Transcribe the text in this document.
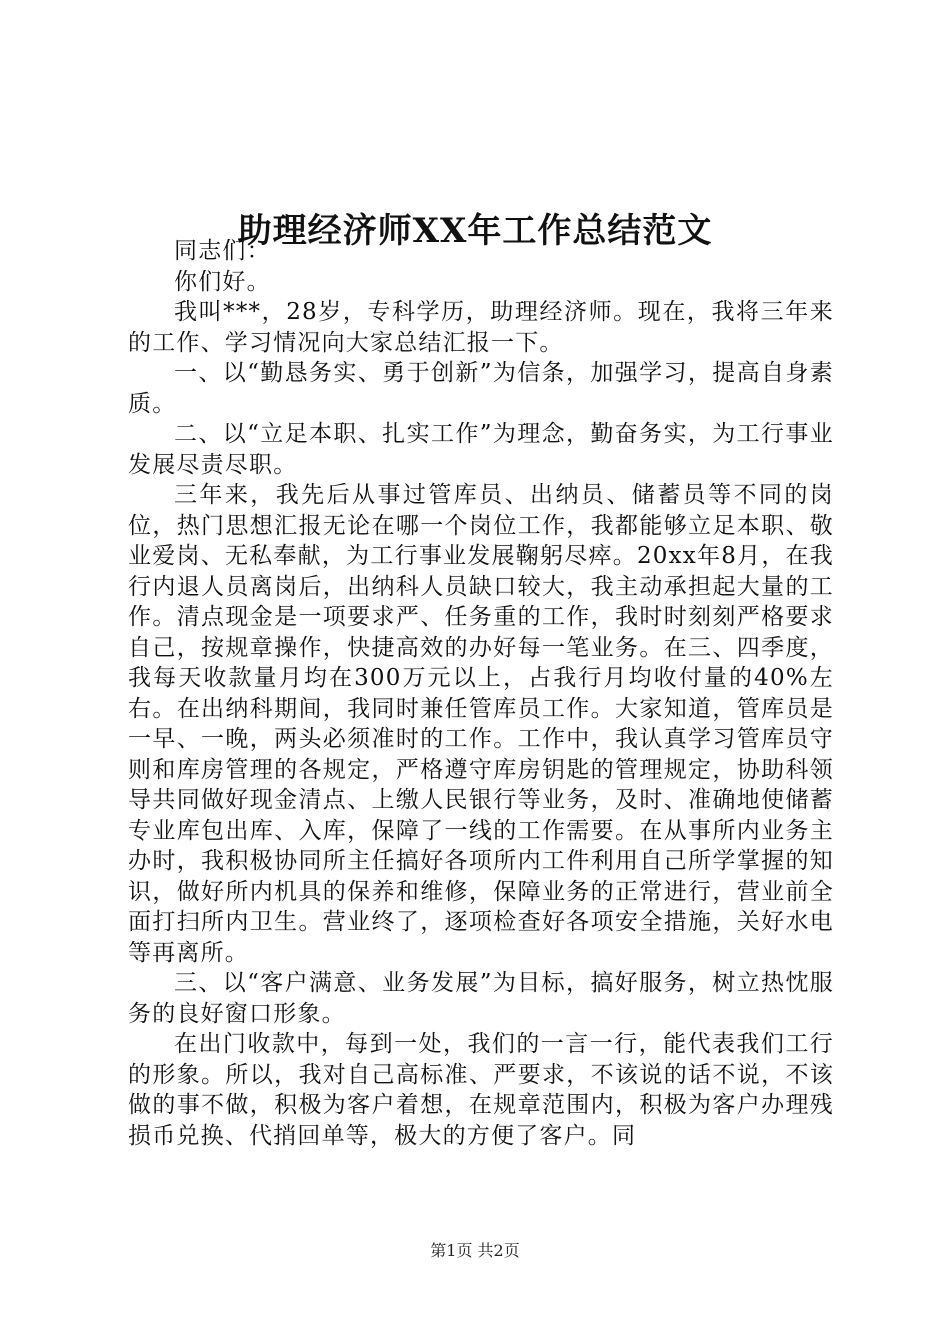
助理经济师XX年工作总结范文

同志们：

你们好。

我叫***，28岁，专科学历，助理经济师。现在，我将三年来的工作、学习情况向大家总结汇报一下。

一、以“勤恳务实、勇于创新”为信条，加强学习，提高自身素质。

二、以“立足本职、扎实工作”为理念，勤奋务实，为工行事业发展尽责尽职。

三年来，我先后从事过管库员、出纳员、储蓄员等不同的岗位，热门思想汇报无论在哪一个岗位工作，我都能够立足本职、敬业爱岗、无私奉献，为工行事业发展鞠躬尽瘁。20xx年8月，在我行内退人员离岗后，出纳科人员缺口较大，我主动承担起大量的工作。清点现金是一项要求严、任务重的工作，我时时刻刻严格要求自己，按规章操作，快捷高效的办好每一笔业务。在三、四季度，我每天收款量月均在300万元以上，占我行月均收付量的40%左右。在出纳科期间，我同时兼任管库员工作。大家知道，管库员是一早、一晚，两头必须准时的工作。工作中，我认真学习管库员守则和库房管理的各规定，严格遵守库房钥匙的管理规定，协助科领导共同做好现金清点、上缴人民银行等业务，及时、准确地使储蓄专业库包出库、入库，保障了一线的工作需要。在从事所内业务主办时，我积极协同所主任搞好各项所内工件利用自己所学掌握的知识，做好所内机具的保养和维修，保障业务的正常进行，营业前全面打扫所内卫生。营业终了，逐项检查好各项安全措施，关好水电等再离所。

三、以“客户满意、业务发展”为目标，搞好服务，树立热忱服务的良好窗口形象。

在出门收款中，每到一处，我们的一言一行，能代表我们工行的形象。所以，我对自己高标准、严要求，不该说的话不说，不该做的事不做，积极为客户着想，在规章范围内，积极为客户办理残损币兑换、代捎回单等，极大的方便了客户。同

第1页 共2页
